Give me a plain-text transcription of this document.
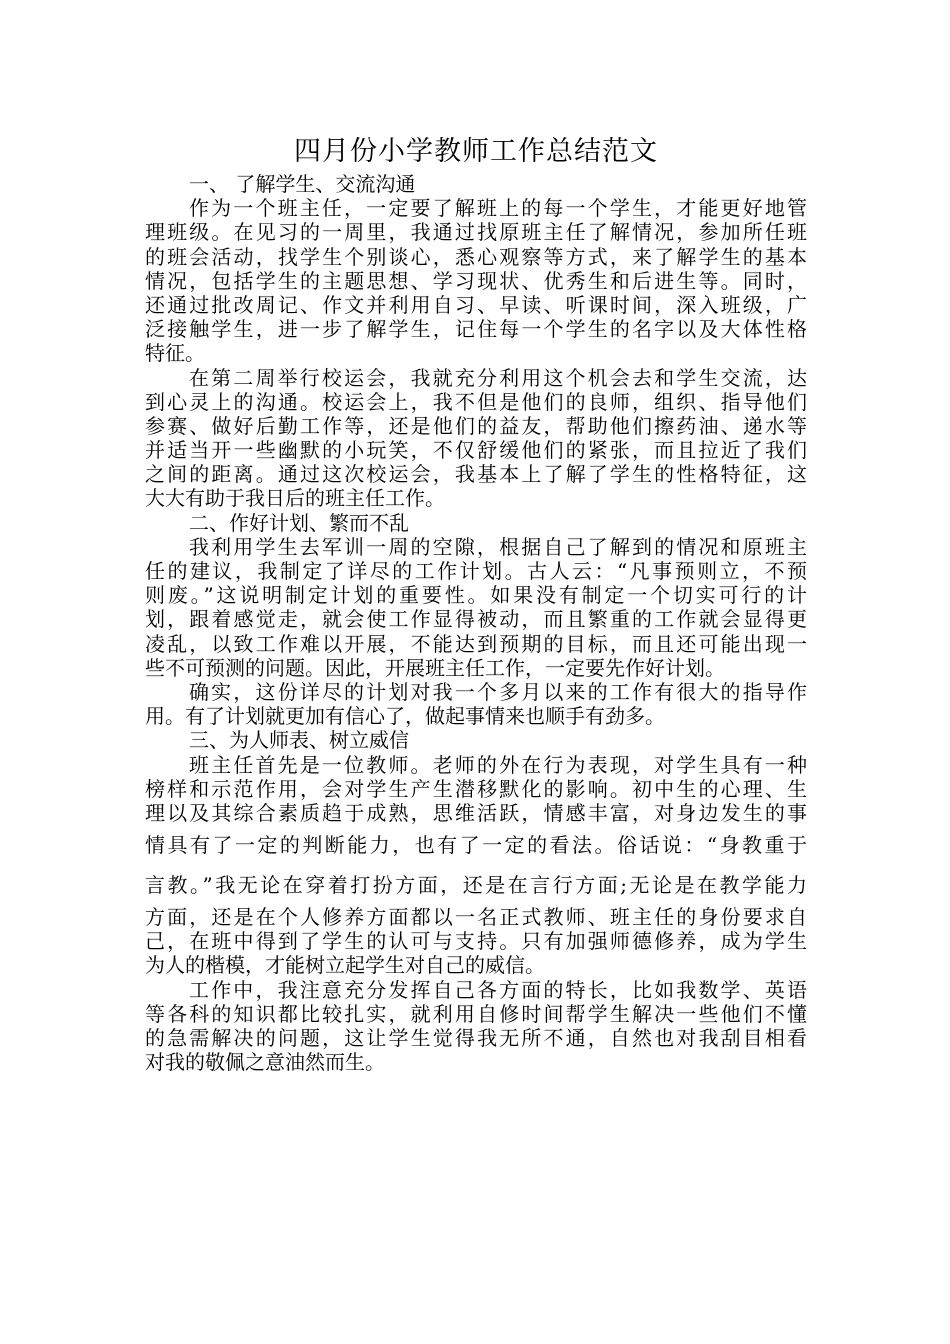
四月份小学教师工作总结范文
一、 了解学生、交流沟通
作为一个班主任，一定要了解班上的每一个学生，才能更好地管
理班级。在见习的一周里，我通过找原班主任了解情况，参加所任班
的班会活动，找学生个别谈心，悉心观察等方式，来了解学生的基本
情况，包括学生的主题思想、学习现状、优秀生和后进生等。同时，
还通过批改周记、作文并利用自习、早读、听课时间，深入班级，广
泛接触学生，进一步了解学生，记住每一个学生的名字以及大体性格
特征。
在第二周举行校运会，我就充分利用这个机会去和学生交流，达
到心灵上的沟通。校运会上，我不但是他们的良师，组织、指导他们
参赛、做好后勤工作等，还是他们的益友，帮助他们擦药油、递水等
并适当开一些幽默的小玩笑，不仅舒缓他们的紧张，而且拉近了我们
之间的距离。通过这次校运会，我基本上了解了学生的性格特征，这
大大有助于我日后的班主任工作。
二、作好计划、繁而不乱
我利用学生去军训一周的空隙，根据自己了解到的情况和原班主
任的建议，我制定了详尽的工作计划。古人云：“凡事预则立，不预
则废。”这说明制定计划的重要性。如果没有制定一个切实可行的计
划，跟着感觉走，就会使工作显得被动，而且繁重的工作就会显得更
凌乱，以致工作难以开展，不能达到预期的目标，而且还可能出现一
些不可预测的问题。因此，开展班主任工作，一定要先作好计划。
确实，这份详尽的计划对我一个多月以来的工作有很大的指导作
用。有了计划就更加有信心了，做起事情来也顺手有劲多。
三、为人师表、树立威信
班主任首先是一位教师。老师的外在行为表现，对学生具有一种
榜样和示范作用，会对学生产生潜移默化的影响。初中生的心理、生
理以及其综合素质趋于成熟，思维活跃，情感丰富，对身边发生的事
情具有了一定的判断能力，也有了一定的看法。俗话说：“身教重于
言教。”我无论在穿着打扮方面，还是在言行方面;无论是在教学能力
方面，还是在个人修养方面都以一名正式教师、班主任的身份要求自
己，在班中得到了学生的认可与支持。只有加强师德修养，成为学生
为人的楷模，才能树立起学生对自己的威信。
工作中，我注意充分发挥自己各方面的特长，比如我数学、英语
等各科的知识都比较扎实，就利用自修时间帮学生解决一些他们不懂
的急需解决的问题，这让学生觉得我无所不通，自然也对我刮目相看
对我的敬佩之意油然而生。
